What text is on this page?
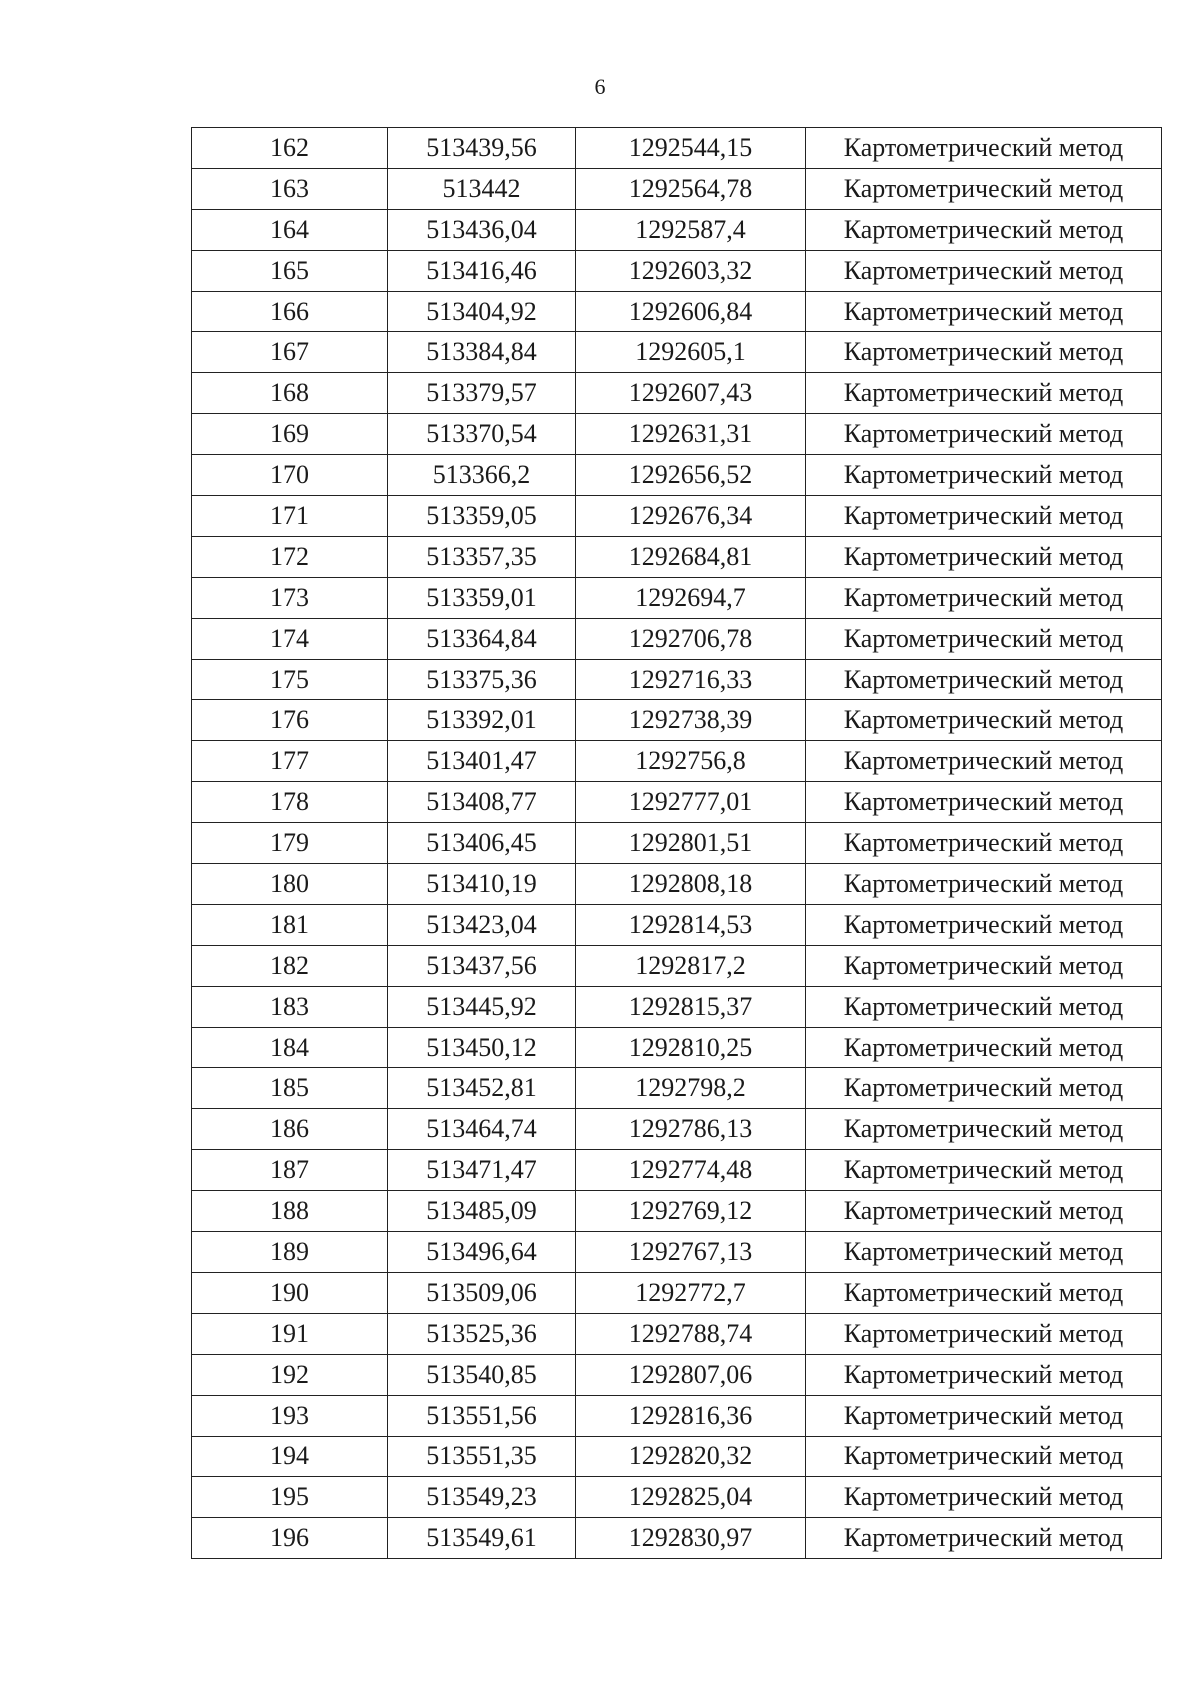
6
162	513439,56	1292544,15	Картометрический метод
163	513442	1292564,78	Картометрический метод
164	513436,04	1292587,4	Картометрический метод
165	513416,46	1292603,32	Картометрический метод
166	513404,92	1292606,84	Картометрический метод
167	513384,84	1292605,1	Картометрический метод
168	513379,57	1292607,43	Картометрический метод
169	513370,54	1292631,31	Картометрический метод
170	513366,2	1292656,52	Картометрический метод
171	513359,05	1292676,34	Картометрический метод
172	513357,35	1292684,81	Картометрический метод
173	513359,01	1292694,7	Картометрический метод
174	513364,84	1292706,78	Картометрический метод
175	513375,36	1292716,33	Картометрический метод
176	513392,01	1292738,39	Картометрический метод
177	513401,47	1292756,8	Картометрический метод
178	513408,77	1292777,01	Картометрический метод
179	513406,45	1292801,51	Картометрический метод
180	513410,19	1292808,18	Картометрический метод
181	513423,04	1292814,53	Картометрический метод
182	513437,56	1292817,2	Картометрический метод
183	513445,92	1292815,37	Картометрический метод
184	513450,12	1292810,25	Картометрический метод
185	513452,81	1292798,2	Картометрический метод
186	513464,74	1292786,13	Картометрический метод
187	513471,47	1292774,48	Картометрический метод
188	513485,09	1292769,12	Картометрический метод
189	513496,64	1292767,13	Картометрический метод
190	513509,06	1292772,7	Картометрический метод
191	513525,36	1292788,74	Картометрический метод
192	513540,85	1292807,06	Картометрический метод
193	513551,56	1292816,36	Картометрический метод
194	513551,35	1292820,32	Картометрический метод
195	513549,23	1292825,04	Картометрический метод
196	513549,61	1292830,97	Картометрический метод
